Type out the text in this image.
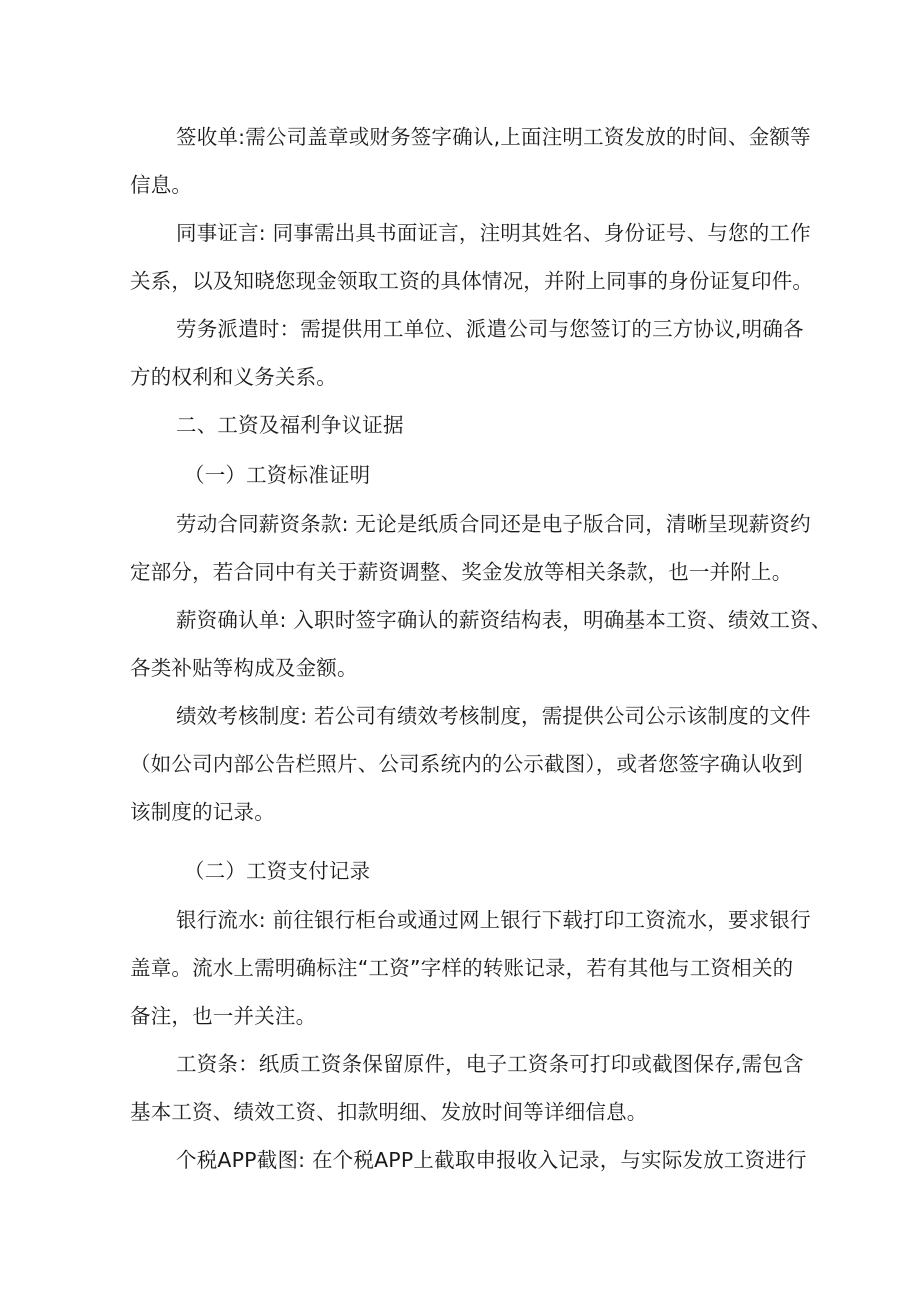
签收单:需公司盖章或财务签字确认,上面注明工资发放的时间、金额等
信息。
同事证言: 同事需出具书面证言，注明其姓名、身份证号、与您的工作
关系，以及知晓您现金领取工资的具体情况，并附上同事的身份证复印件。
劳务派遣时：需提供用工单位、派遣公司与您签订的三方协议,明确各
方的权利和义务关系。
二、工资及福利争议证据
（一）工资标准证明
劳动合同薪资条款: 无论是纸质合同还是电子版合同，清晰呈现薪资约
定部分，若合同中有关于薪资调整、奖金发放等相关条款，也一并附上。
薪资确认单: 入职时签字确认的薪资结构表，明确基本工资、绩效工资、
各类补贴等构成及金额。
绩效考核制度: 若公司有绩效考核制度，需提供公司公示该制度的文件
（如公司内部公告栏照片、公司系统内的公示截图），或者您签字确认收到
该制度的记录。
（二）工资支付记录
银行流水: 前往银行柜台或通过网上银行下载打印工资流水，要求银行
盖章。流水上需明确标注“工资”字样的转账记录，若有其他与工资相关的
备注，也一并关注。
工资条：纸质工资条保留原件，电子工资条可打印或截图保存,需包含
基本工资、绩效工资、扣款明细、发放时间等详细信息。
个税APP截图: 在个税APP上截取申报收入记录，与实际发放工资进行
